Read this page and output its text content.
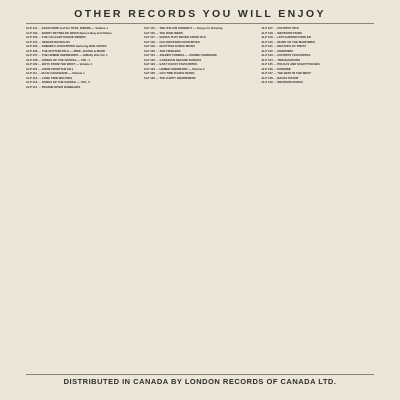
OTHER RECORDS YOU WILL ENJOY
ALP 101 — EVAN KEMP and the TRAIL RIDERS — Volume 1
ALP 102 — BUDDY REYNOLDS SINGS Spruce Bug and Others
ALP 103 — THE CALGARY RANGE RIDERS
ALP 104 — SEBASTIAN NOLAN
ALP 105 — FRIENDLY FAVOURITES featuring BOB CROSS
ALP 106 — THE RHYTHM PALS — MIKE, JACKIE & MARK
ALP 107 — THE HOMER SHERRARDS — Hillbilly Hits Vol. 1
ALP 108 — SONGS OF THE SADDLE — VOL. 1
ALP 109 — BOYS FROM THE WEST — Volume 1
ALP 110 — LIONS FROM THE HILL
ALP 111 — BLUE CANADIANS — Volume 1
ALP 112 — LONG TIME WALTZES
ALP 113 — SONGS OF THE SADDLE — VOL. 2
ALP 114 — PRAIRIE RIVER RAMBLERS
ALP 115 — THE ITALIAN CONNECT — Songs for Dancing
ALP 116 — THE DUBLINERS
ALP 117 — SONGS THAT NEVER GROW OLD
ALP 118 — OLD WESTERN FAVOURITES
ALP 119 — SCOTTISH DANCE MUSIC
ALP 120 — THE FIDDLERS
ALP 121 — JOHNNY FORBES — JOHNNY NORMAND
ALP 122 — CANADIAN SQUARE DANCES
ALP 123 — EAST COAST FAVOURITES
ALP 124 — HOMER SHERRARD — Volume 2
ALP 125 — OLD TIME DANCE MUSIC
ALP 126 — THE HAPPY WANDERERS
ALP 127 — COUNTRY HITS
ALP 128 — WESTERN STARS
ALP 129 — LEFT-HANDED FIDDLER
ALP 130 — MUSIC OF THE MARITIMES
ALP 131 — WALTZES OF TODAY
ALP 132 — HOEDOWN
ALP 133 — COUNTRY FAVOURITES
ALP 134 — TROUBADOURS
ALP 135 — POLKAS AND SCHOTTISCHES
ALP 136 — RAWHIDE
ALP 137 — THE BEST IN THE WEST
ALP 138 — BANJO PICKIN'
ALP 139 — WESTERN SONGS
DISTRIBUTED IN CANADA BY LONDON RECORDS OF CANADA LTD.
